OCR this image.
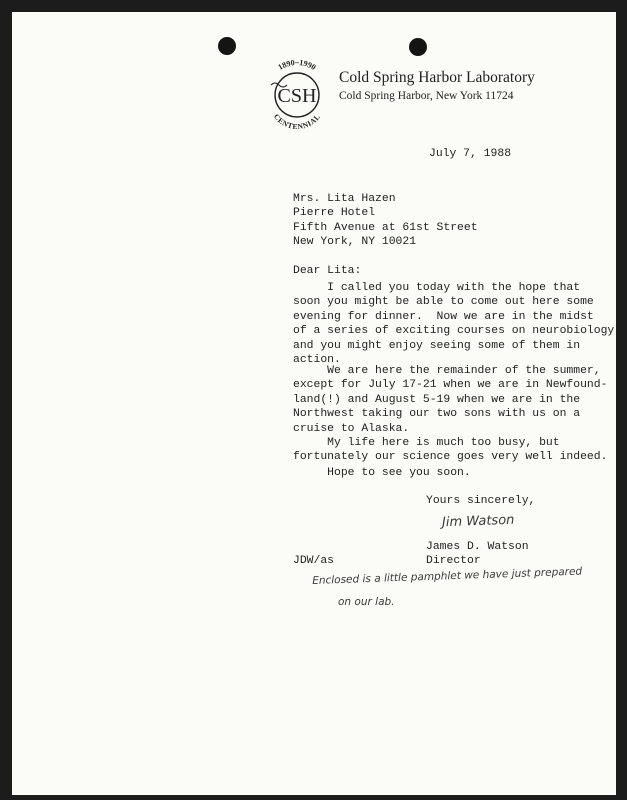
CSH
1890–1990
CENTENNIAL
Cold Spring Harbor Laboratory
Cold Spring Harbor, New York 11724
July 7, 1988
Mrs. Lita Hazen
Pierre Hotel
Fifth Avenue at 61st Street
New York, NY 10021
Dear Lita:
I called you today with the hope that
soon you might be able to come out here some
evening for dinner.  Now we are in the midst
of a series of exciting courses on neurobiology
and you might enjoy seeing some of them in
action.
We are here the remainder of the summer,
except for July 17-21 when we are in Newfound-
land(!) and August 5-19 when we are in the
Northwest taking our two sons with us on a
cruise to Alaska.
My life here is much too busy, but
fortunately our science goes very well indeed.
Hope to see you soon.
Yours sincerely,
Jim Watson
James D. Watson
Director
JDW/as
Enclosed is a little pamphlet we have just prepared
on our lab.
